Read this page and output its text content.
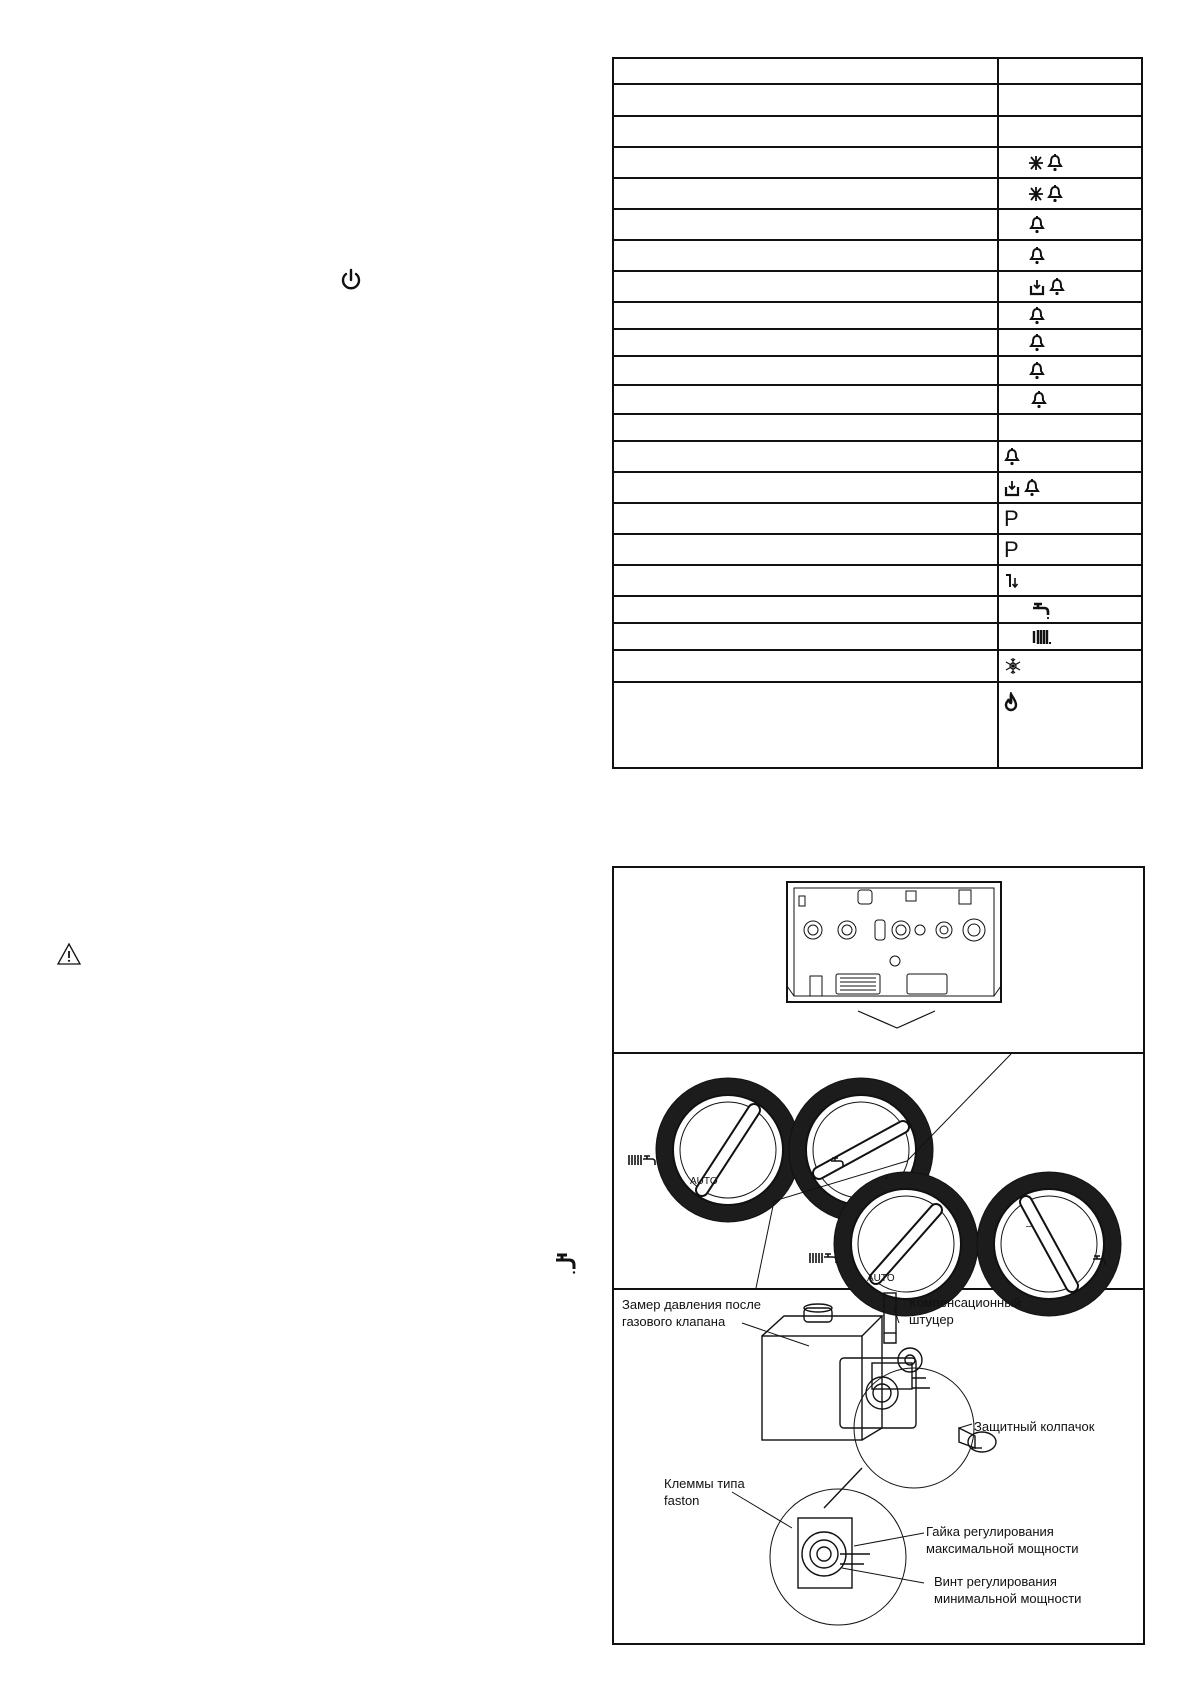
P
P
AUTO	+
AUTO
–
Замер давления после
газового клапана
Компенсационный
штуцер
Защитный колпачок
Клеммы типа
faston
Гайка регулирования
максимальной мощности
Винт регулирования
минимальной мощности
